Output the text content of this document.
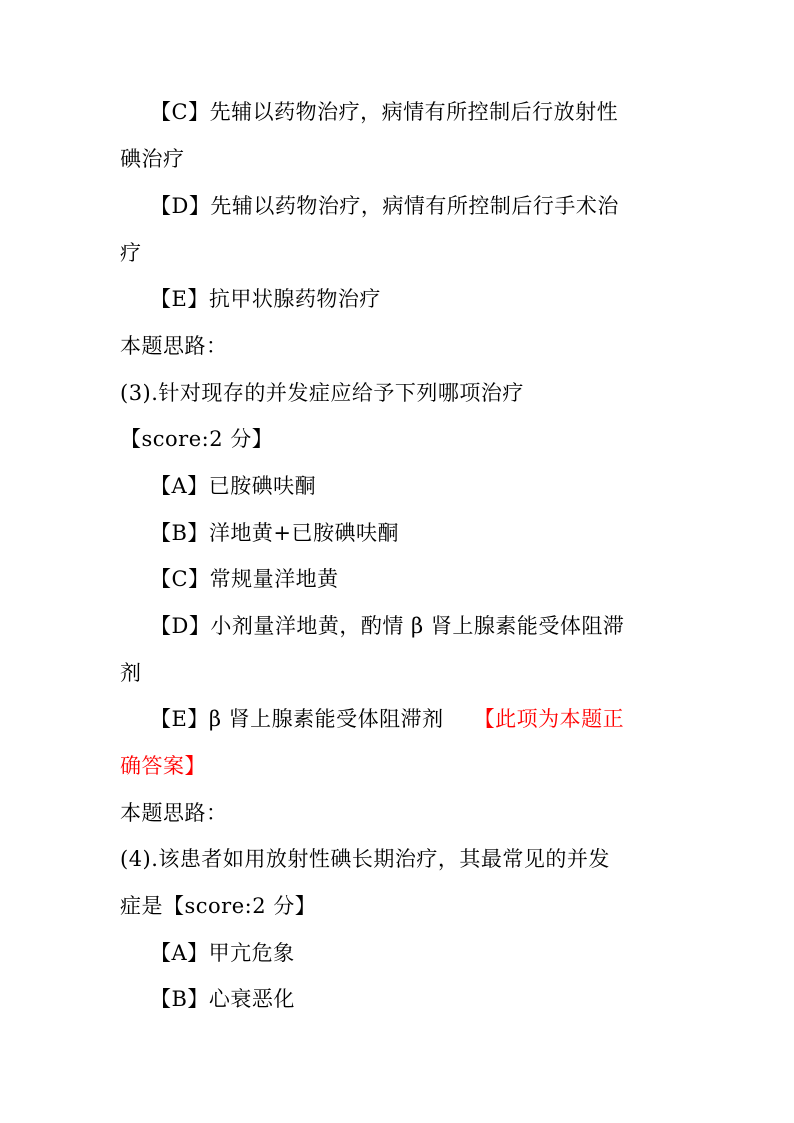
【C】先辅以药物治疗，病情有所控制后行放射性
碘治疗
【D】先辅以药物治疗，病情有所控制后行手术治
疗
【E】抗甲状腺药物治疗
本题思路：
(3).针对现存的并发症应给予下列哪项治疗
【score:2 分】
【A】已胺碘呋酮
【B】洋地黄+已胺碘呋酮
【C】常规量洋地黄
【D】小剂量洋地黄，酌情 β 肾上腺素能受体阻滞
剂
【E】β 肾上腺素能受体阻滞剂 【此项为本题正
确答案】
本题思路：
(4).该患者如用放射性碘长期治疗，其最常见的并发
症是【score:2 分】
【A】甲亢危象
【B】心衰恶化
